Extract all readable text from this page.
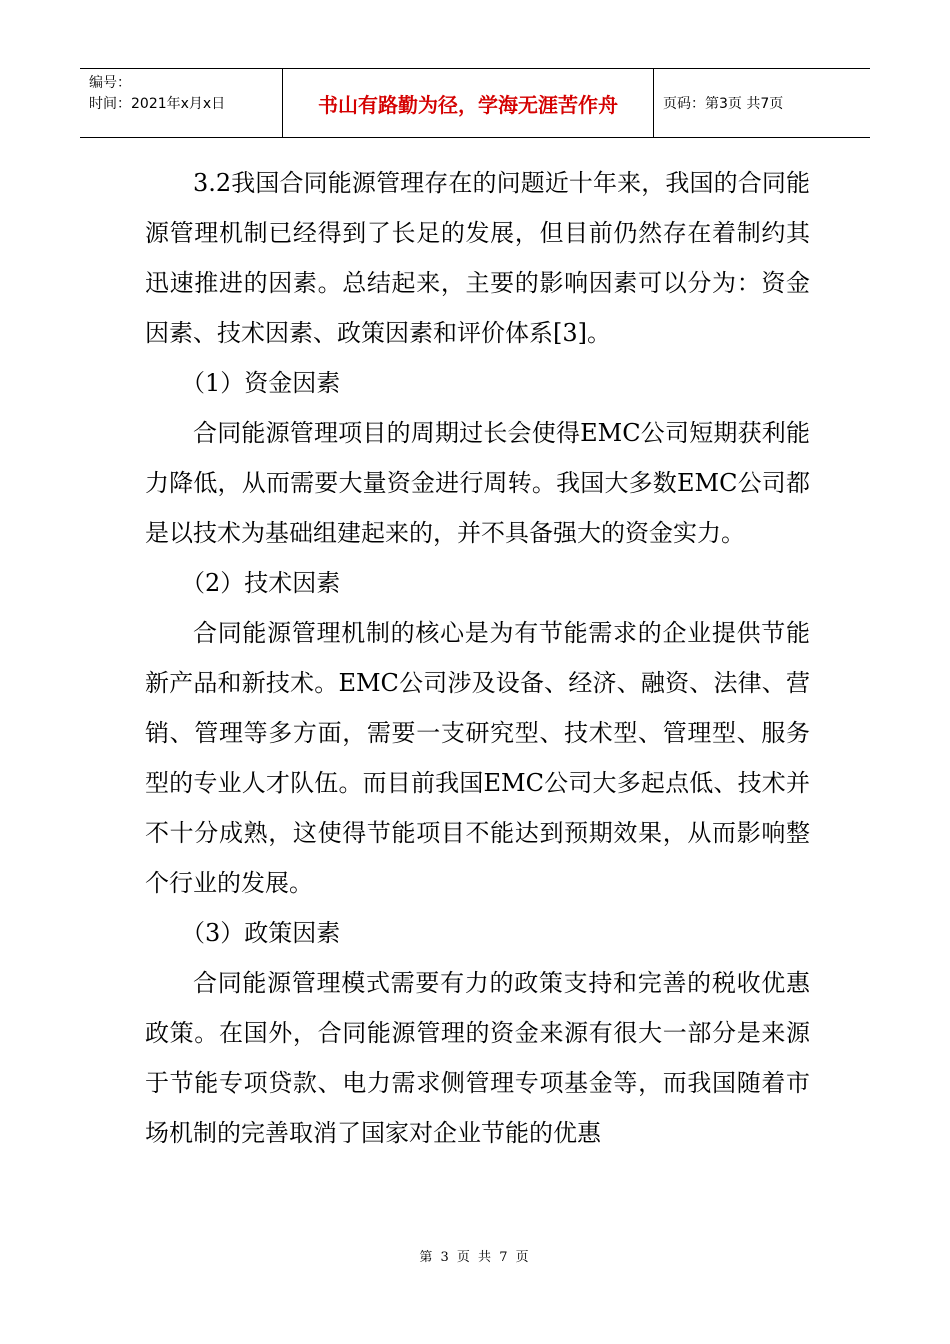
编号：
时间：2021年x月x日	书山有路勤为径，学海无涯苦作舟	页码：第3页 共7页

3.2我国合同能源管理存在的问题近十年来，我国的合同能源管理机制已经得到了长足的发展，但目前仍然存在着制约其迅速推进的因素。总结起来，主要的影响因素可以分为：资金因素、技术因素、政策因素和评价体系[3]。

（1）资金因素

合同能源管理项目的周期过长会使得EMC公司短期获利能力降低，从而需要大量资金进行周转。我国大多数EMC公司都是以技术为基础组建起来的，并不具备强大的资金实力。

（2）技术因素

合同能源管理机制的核心是为有节能需求的企业提供节能新产品和新技术。EMC公司涉及设备、经济、融资、法律、营销、管理等多方面，需要一支研究型、技术型、管理型、服务型的专业人才队伍。而目前我国EMC公司大多起点低、技术并不十分成熟，这使得节能项目不能达到预期效果，从而影响整个行业的发展。

（3）政策因素

合同能源管理模式需要有力的政策支持和完善的税收优惠政策。在国外，合同能源管理的资金来源有很大一部分是来源于节能专项贷款、电力需求侧管理专项基金等，而我国随着市场机制的完善取消了国家对企业节能的优惠

第 3 页 共 7 页
